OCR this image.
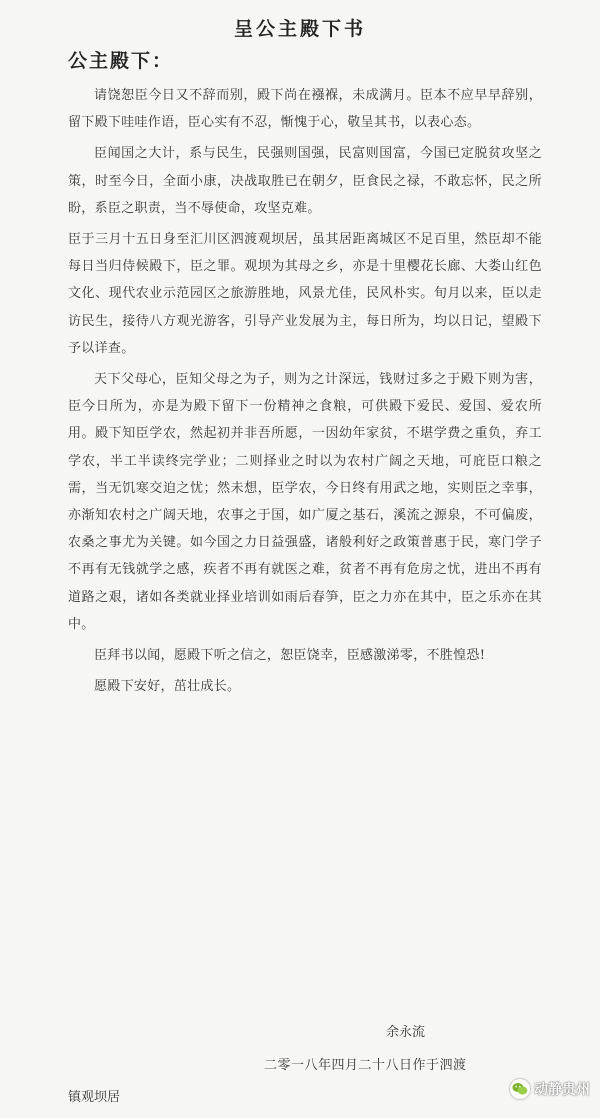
呈公主殿下书
公主殿下：

请饶恕臣今日又不辞而别，殿下尚在襁褓，未成满月。臣本不应早早辞别，留下殿下哇哇作语，臣心实有不忍，惭愧于心，敬呈其书，以表心态。

臣闻国之大计，系与民生，民强则国强，民富则国富，今国已定脱贫攻坚之策，时至今日，全面小康，决战取胜已在朝夕，臣食民之禄，不敢忘怀，民之所盼，系臣之职责，当不辱使命，攻坚克难。

臣于三月十五日身至汇川区泗渡观坝居，虽其居距离城区不足百里，然臣却不能每日当归侍候殿下，臣之罪。观坝为其母之乡，亦是十里樱花长廊、大娄山红色文化、现代农业示范园区之旅游胜地，风景尤佳，民风朴实。旬月以来，臣以走访民生，接待八方观光游客，引导产业发展为主，每日所为，均以日记，望殿下予以详查。

天下父母心，臣知父母之为子，则为之计深远，钱财过多之于殿下则为害，臣今日所为，亦是为殿下留下一份精神之食粮，可供殿下爱民、爱国、爱农所用。殿下知臣学农，然起初并非吾所愿，一因幼年家贫，不堪学费之重负，弃工学农，半工半读终完学业；二则择业之时以为农村广阔之天地，可庇臣口粮之需，当无饥寒交迫之忧；然未想，臣学农，今日终有用武之地，实则臣之幸事，亦渐知农村之广阔天地，农事之于国，如广厦之基石，溪流之源泉，不可偏废，农桑之事尤为关键。如今国之力日益强盛，诸般利好之政策普惠于民，寒门学子不再有无钱就学之感，疾者不再有就医之难，贫者不再有危房之忧，进出不再有道路之艰，诸如各类就业择业培训如雨后春笋，臣之力亦在其中，臣之乐亦在其中。

臣拜书以闻，愿殿下听之信之，恕臣饶幸，臣感激涕零，不胜惶恐!

愿殿下安好，茁壮成长。

余永流
二零一八年四月二十八日作于泗渡
镇观坝居	动静贵州
